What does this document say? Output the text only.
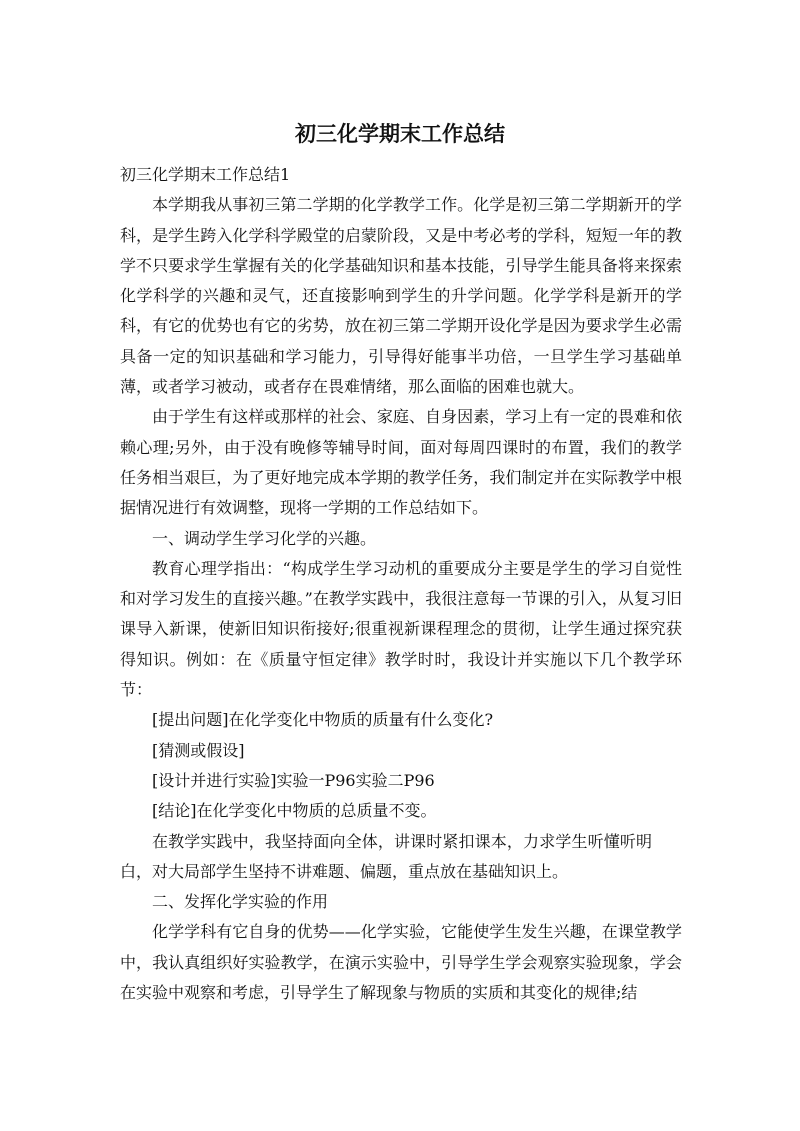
初三化学期末工作总结

初三化学期末工作总结1

本学期我从事初三第二学期的化学教学工作。化学是初三第二学期新开的学科，是学生跨入化学科学殿堂的启蒙阶段，又是中考必考的学科，短短一年的教学不只要求学生掌握有关的化学基础知识和基本技能，引导学生能具备将来探索化学科学的兴趣和灵气，还直接影响到学生的升学问题。化学学科是新开的学科，有它的优势也有它的劣势，放在初三第二学期开设化学是因为要求学生必需具备一定的知识基础和学习能力，引导得好能事半功倍，一旦学生学习基础单薄，或者学习被动，或者存在畏难情绪，那么面临的困难也就大。

由于学生有这样或那样的社会、家庭、自身因素，学习上有一定的畏难和依赖心理;另外，由于没有晚修等辅导时间，面对每周四课时的布置，我们的教学任务相当艰巨，为了更好地完成本学期的教学任务，我们制定并在实际教学中根据情况进行有效调整，现将一学期的工作总结如下。

一、调动学生学习化学的兴趣。

教育心理学指出：“构成学生学习动机的重要成分主要是学生的学习自觉性和对学习发生的直接兴趣。”在教学实践中，我很注意每一节课的引入，从复习旧课导入新课，使新旧知识衔接好;很重视新课程理念的贯彻，让学生通过探究获得知识。例如：在《质量守恒定律》教学时时，我设计并实施以下几个教学环节：

[提出问题]在化学变化中物质的质量有什么变化?

[猜测或假设]

[设计并进行实验]实验一P96实验二P96

[结论]在化学变化中物质的总质量不变。

在教学实践中，我坚持面向全体，讲课时紧扣课本，力求学生听懂听明白，对大局部学生坚持不讲难题、偏题，重点放在基础知识上。

二、发挥化学实验的作用

化学学科有它自身的优势——化学实验，它能使学生发生兴趣，在课堂教学中，我认真组织好实验教学，在演示实验中，引导学生学会观察实验现象，学会在实验中观察和考虑，引导学生了解现象与物质的实质和其变化的规律;结
